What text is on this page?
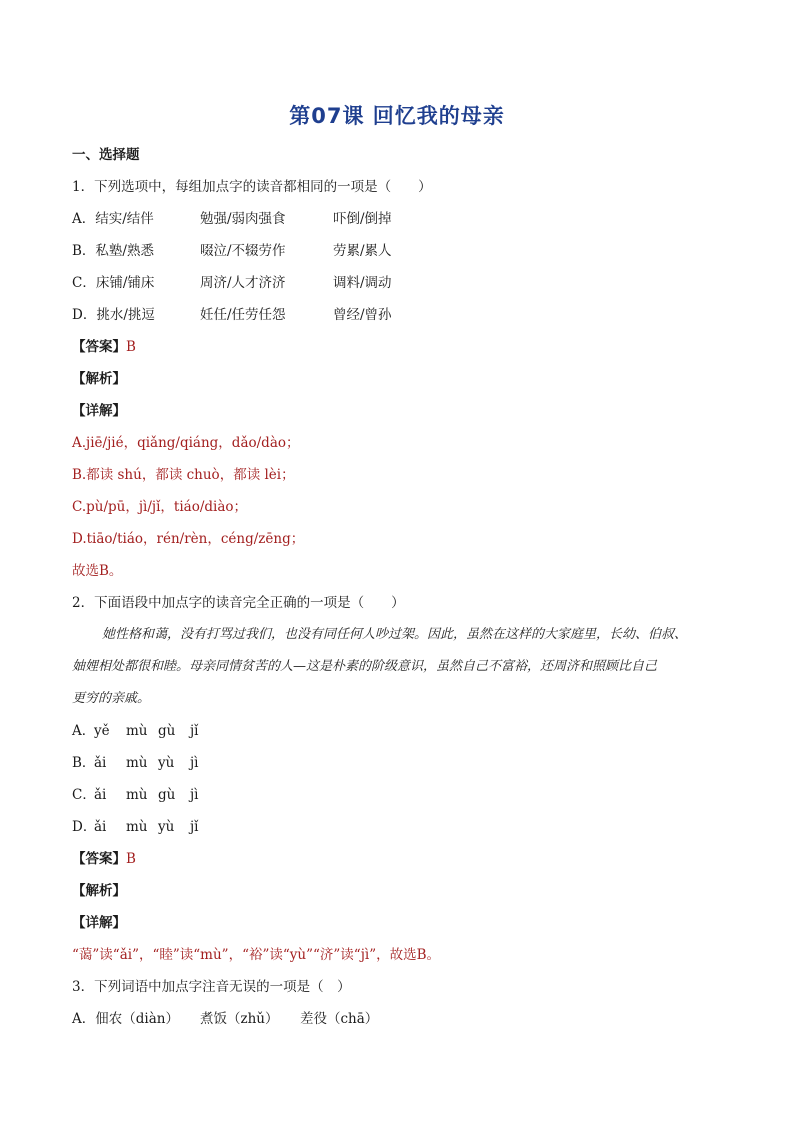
第07课 回忆我的母亲
一、选择题
1．下列选项中，每组加点字的读音都相同的一项是（　　）
A．结实/结伴	勉强/弱肉强食	吓倒/倒掉
B．私塾/熟悉	啜泣/不辍劳作	劳累/累人
C．床铺/铺床	周济/人才济济	调料/调动
D．挑水/挑逗	妊任/任劳任怨	曾经/曾孙
【答案】B
【解析】
【详解】
A.jiē/jié，qiǎng/qiáng，dǎo/dào；
B.都读 shú，都读 chuò，都读 lèi；
C.pù/pū，jì/jǐ，tiáo/diào；
D.tiāo/tiáo，rén/rèn，céng/zēng；
故选B。
2．下面语段中加点字的读音完全正确的一项是（　　）
她性格和蔼，没有打骂过我们，也没有同任何人吵过架。因此，虽然在这样的大家庭里，长幼、伯叔、
妯娌相处都很和睦。母亲同情贫苦的人—这是朴素的阶级意识，虽然自己不富裕，还周济和照顾比自己
更穷的亲戚。
A．yě mù gù jǐ
B．ǎi mù yù jì
C．ǎi mù gù jì
D．ǎi mù yù jǐ
【答案】B
【解析】
【详解】
“蔼”读“ǎi”，“睦”读“mù”，“裕”读“yù”“济”读“jì”，故选B。
3．下列词语中加点字注音无误的一项是（　）
A．佃农（diàn） 煮饭（zhǔ） 差役（chā）
